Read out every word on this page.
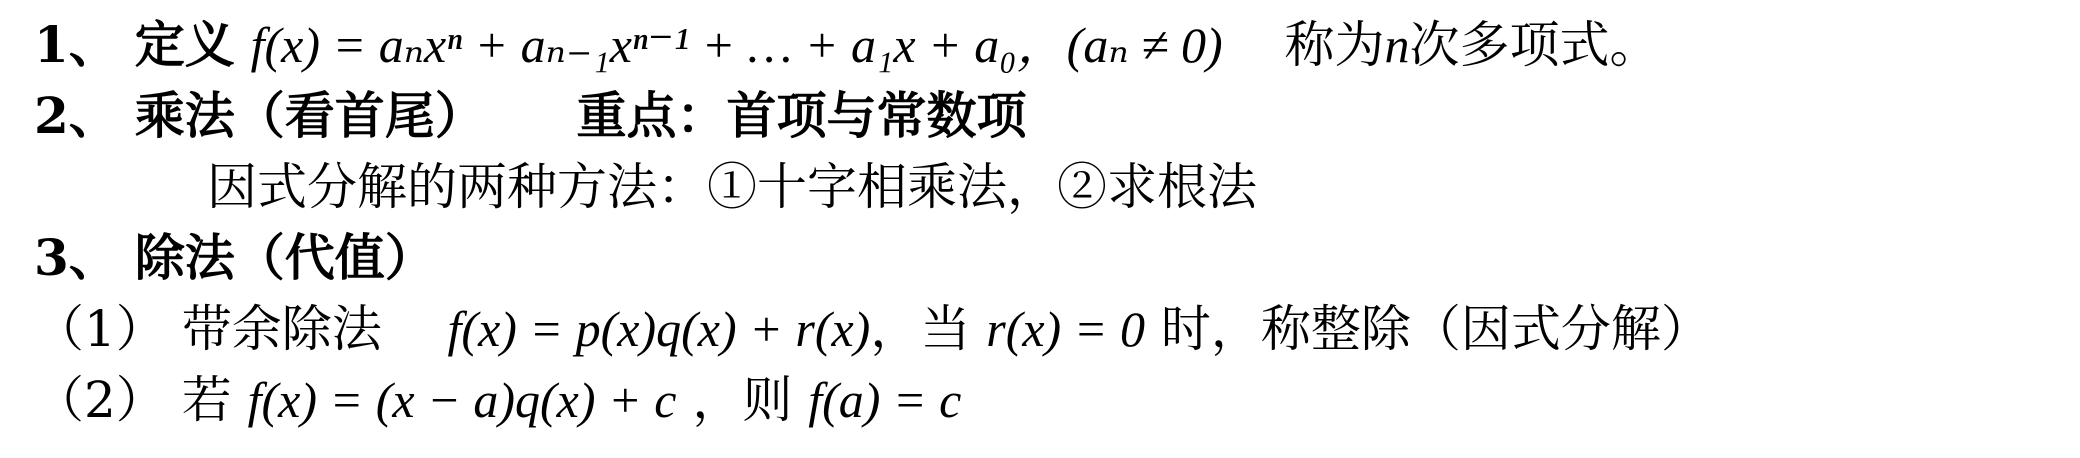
1、 定义 f(x) = aₙxⁿ + aₙ₋₁xⁿ⁻¹ + … + a₁x + a₀，(aₙ ≠ 0) 称为n次多项式。
2、 乘法（看首尾） 重点：首项与常数项
因式分解的两种方法：①十字相乘法，②求根法
3、 除法（代值）
（1） 带余除法 f(x) = p(x)q(x) + r(x)，当 r(x) = 0 时，称整除（因式分解）
（2） 若 f(x) = (x − a)q(x) + c ，则 f(a) = c
